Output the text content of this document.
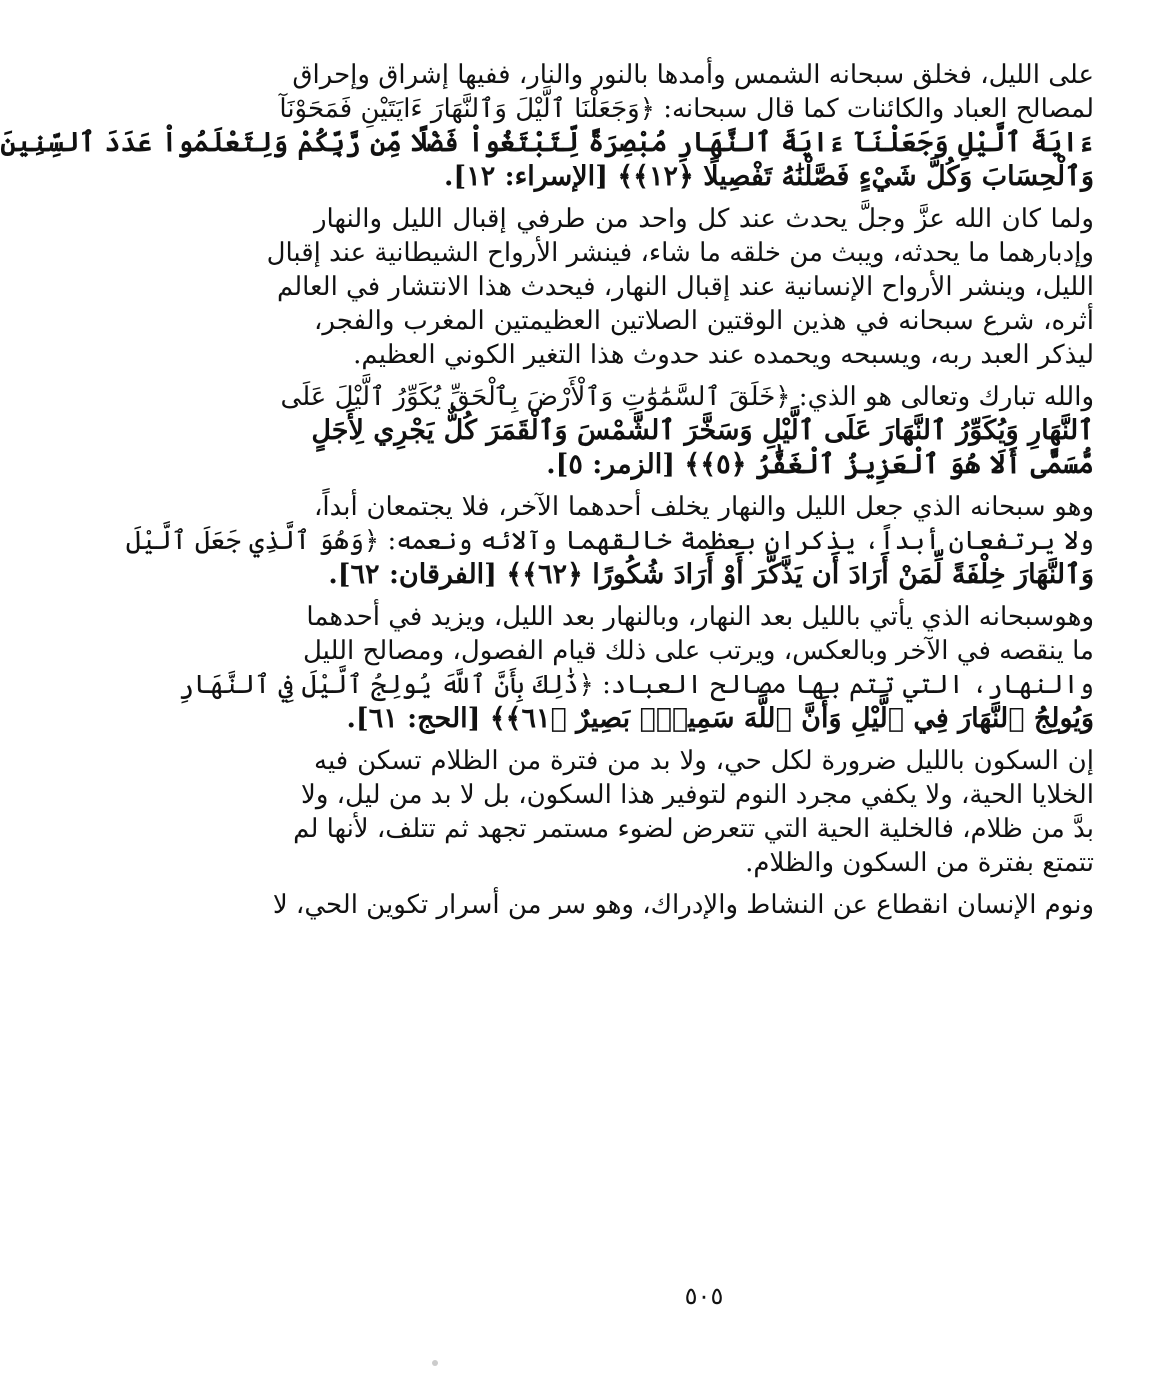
على الليل، فخلق سبحانه الشمس وأمدها بالنور والنار، ففيها إشراق وإحراق
لمصالح العباد والكائنات كما قال سبحانه: ﴿وَجَعَلْنَا ٱلَّيْلَ وَٱلنَّهَارَ ءَايَتَيْنِ فَمَحَوْنَآ
ءَايَةَ ٱلَّيْلِ وَجَعَلْنَآ ءَايَةَ ٱلنَّهَارِ مُبْصِرَةً لِّتَبْتَغُواْ فَضْلًا مِّن رَّبِّكُمْ وَلِتَعْلَمُواْ عَدَدَ ٱلسِّنِينَ
وَٱلْحِسَابَ وَكُلَّ شَيْءٍ فَصَّلْنَٰهُ تَفْصِيلًا ﴿١٢﴾﴾ [الإسراء: ١٢].
ولما كان الله عزَّ وجلَّ يحدث عند كل واحد من طرفي إقبال الليل والنهار
وإدبارهما ما يحدثه، ويبث من خلقه ما شاء، فينشر الأرواح الشيطانية عند إقبال
الليل، وينشر الأرواح الإنسانية عند إقبال النهار، فيحدث هذا الانتشار في العالم
أثره، شرع سبحانه في هذين الوقتين الصلاتين العظيمتين المغرب والفجر،
ليذكر العبد ربه، ويسبحه ويحمده عند حدوث هذا التغير الكوني العظيم.
والله تبارك وتعالى هو الذي: ﴿خَلَقَ ٱلسَّمَٰوَٰتِ وَٱلْأَرْضَ بِٱلْحَقِّ يُكَوِّرُ ٱلَّيْلَ عَلَى
ٱلنَّهَارِ وَيُكَوِّرُ ٱلنَّهَارَ عَلَى ٱلَّيْلِ وَسَخَّرَ ٱلشَّمْسَ وَٱلْقَمَرَ كُلٌّ يَجْرِي لِأَجَلٍ
مُّسَمًّى أَلَا هُوَ ٱلْعَزِيزُ ٱلْغَفَّٰرُ ﴿٥﴾﴾ [الزمر: ٥].
وهو سبحانه الذي جعل الليل والنهار يخلف أحدهما الآخر، فلا يجتمعان أبداً،
ولا يرتفعان أبداً، يذكران بعظمة خالقهما وآلائه ونعمه: ﴿وَهُوَ ٱلَّذِي جَعَلَ ٱلَّيْلَ
وَٱلنَّهَارَ خِلْفَةً لِّمَنْ أَرَادَ أَن يَذَّكَّرَ أَوْ أَرَادَ شُكُورًا ﴿٦٢﴾﴾ [الفرقان: ٦٢].
وهوسبحانه الذي يأتي بالليل بعد النهار، وبالنهار بعد الليل، ويزيد في أحدهما
ما ينقصه في الآخر وبالعكس، ويرتب على ذلك قيام الفصول، ومصالح الليل
والنهار، التي تتم بها مصالح العباد: ﴿ذَٰلِكَ بِأَنَّ ٱللَّهَ يُولِجُ ٱلَّيْلَ فِي ٱلنَّهَارِ
وَيُولِجُ ٱلنَّهَارَ فِي ٱلَّيْلِ وَأَنَّ ٱللَّهَ سَمِيعٌۢ بَصِيرٌ ﴿٦١﴾﴾ [الحج: ٦١].
إن السكون بالليل ضرورة لكل حي، ولا بد من فترة من الظلام تسكن فيه
الخلايا الحية، ولا يكفي مجرد النوم لتوفير هذا السكون، بل لا بد من ليل، ولا
بدَّ من ظلام، فالخلية الحية التي تتعرض لضوء مستمر تجهد ثم تتلف، لأنها لم
تتمتع بفترة من السكون والظلام.
ونوم الإنسان انقطاع عن النشاط والإدراك، وهو سر من أسرار تكوين الحي، لا
٥٠٥
